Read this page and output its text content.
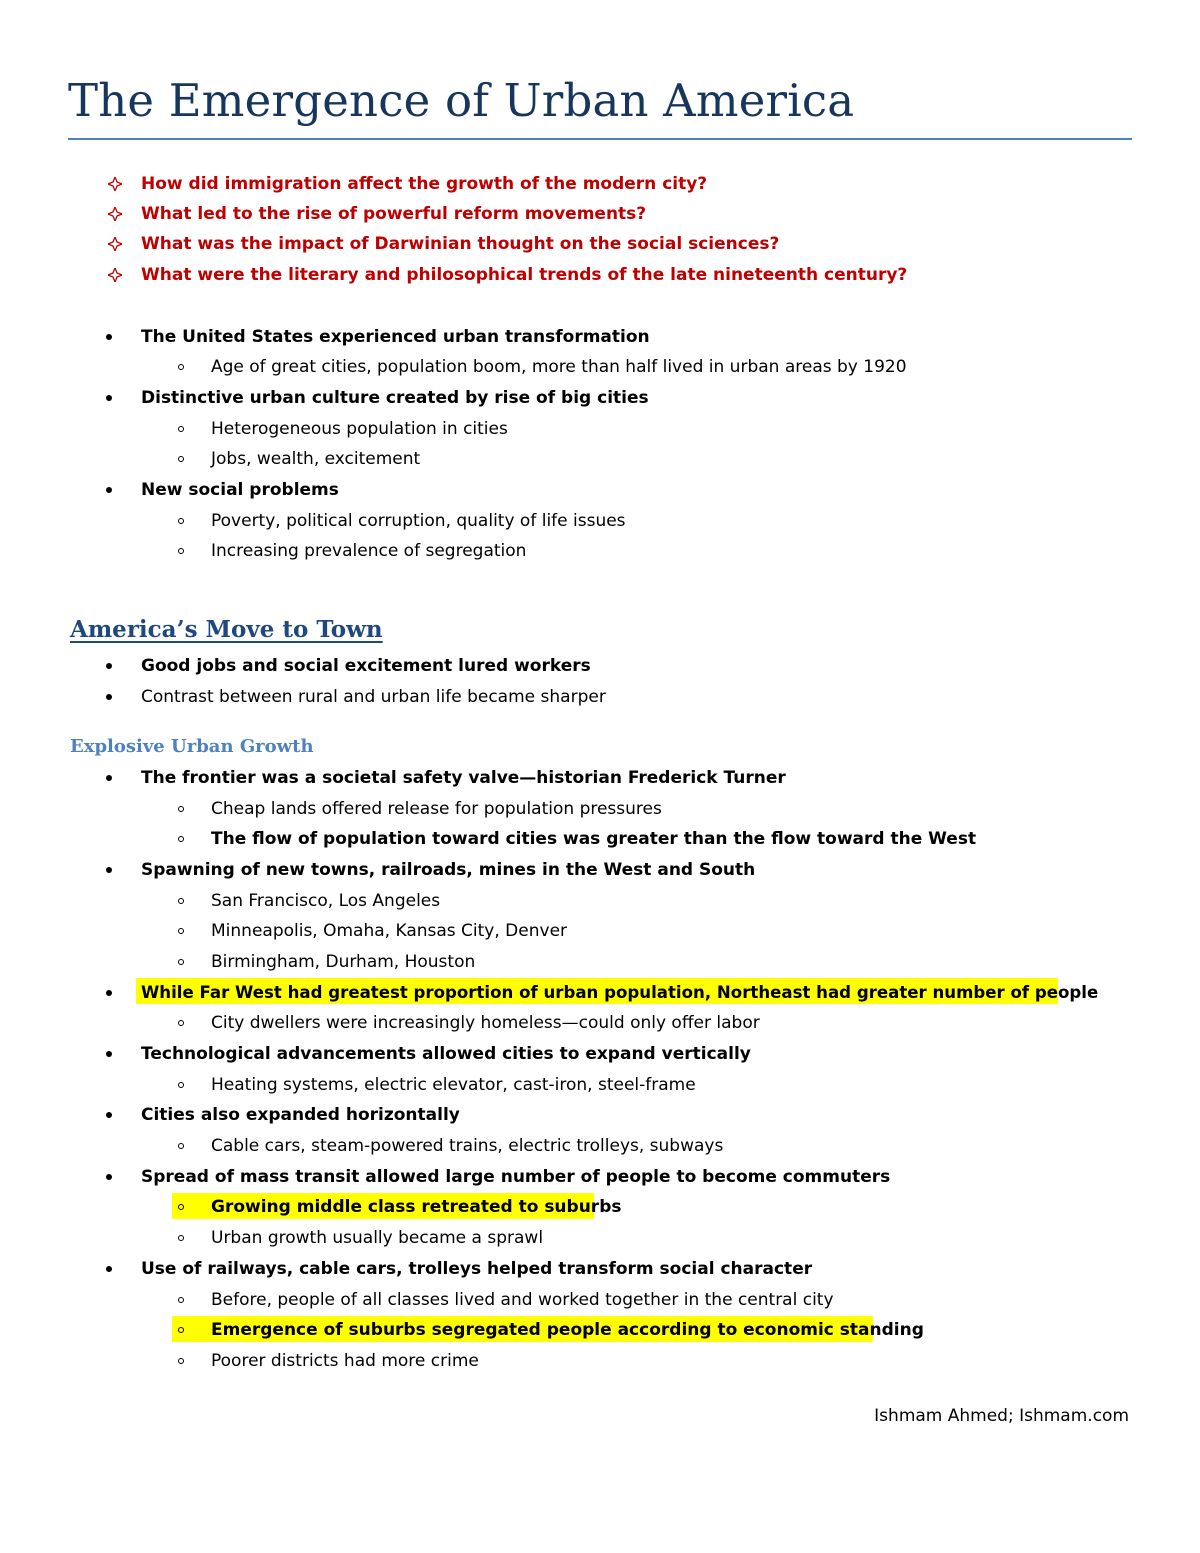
The Emergence of Urban America
How did immigration affect the growth of the modern city?
What led to the rise of powerful reform movements?
What was the impact of Darwinian thought on the social sciences?
What were the literary and philosophical trends of the late nineteenth century?
The United States experienced urban transformation
Age of great cities, population boom, more than half lived in urban areas by 1920
Distinctive urban culture created by rise of big cities
Heterogeneous population in cities
Jobs, wealth, excitement
New social problems
Poverty, political corruption, quality of life issues
Increasing prevalence of segregation
America’s Move to Town
Good jobs and social excitement lured workers
Contrast between rural and urban life became sharper
Explosive Urban Growth
The frontier was a societal safety valve—historian Frederick Turner
Cheap lands offered release for population pressures
The flow of population toward cities was greater than the flow toward the West
Spawning of new towns, railroads, mines in the West and South
San Francisco, Los Angeles
Minneapolis, Omaha, Kansas City, Denver
Birmingham, Durham, Houston
While Far West had greatest proportion of urban population, Northeast had greater number of people
City dwellers were increasingly homeless—could only offer labor
Technological advancements allowed cities to expand vertically
Heating systems, electric elevator, cast-iron, steel-frame
Cities also expanded horizontally
Cable cars, steam-powered trains, electric trolleys, subways
Spread of mass transit allowed large number of people to become commuters
Growing middle class retreated to suburbs
Urban growth usually became a sprawl
Use of railways, cable cars, trolleys helped transform social character
Before, people of all classes lived and worked together in the central city
Emergence of suburbs segregated people according to economic standing
Poorer districts had more crime
Ishmam Ahmed; Ishmam.com
